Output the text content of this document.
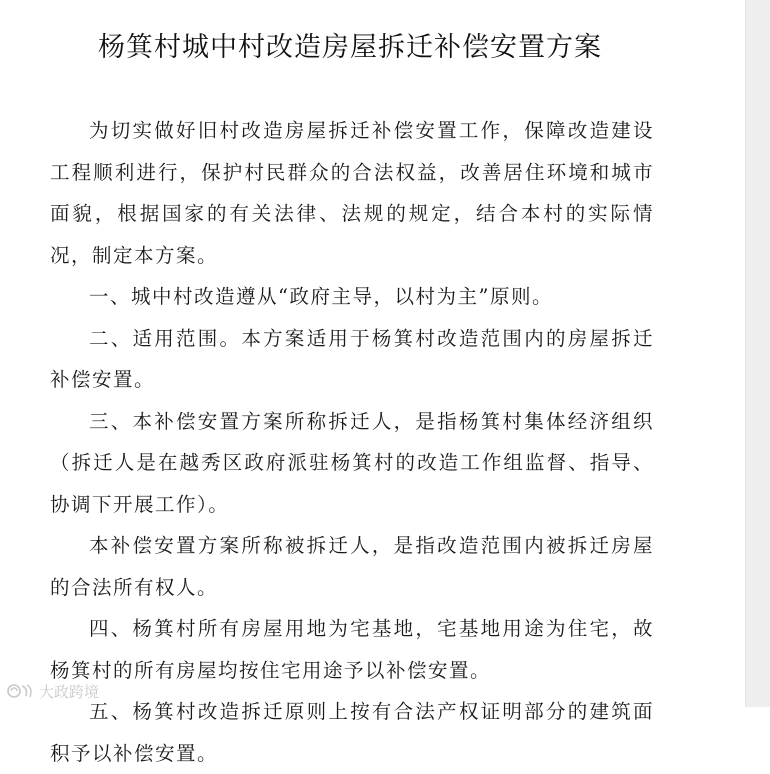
杨箕村城中村改造房屋拆迁补偿安置方案

为切实做好旧村改造房屋拆迁补偿安置工作，保障改造建设工程顺利进行，保护村民群众的合法权益，改善居住环境和城市面貌，根据国家的有关法律、法规的规定，结合本村的实际情况，制定本方案。

一、城中村改造遵从“政府主导，以村为主”原则。

二、适用范围。本方案适用于杨箕村改造范围内的房屋拆迁补偿安置。

三、本补偿安置方案所称拆迁人，是指杨箕村集体经济组织（拆迁人是在越秀区政府派驻杨箕村的改造工作组监督、指导、协调下开展工作）。

本补偿安置方案所称被拆迁人，是指改造范围内被拆迁房屋的合法所有权人。

四、杨箕村所有房屋用地为宅基地，宅基地用途为住宅，故杨箕村的所有房屋均按住宅用途予以补偿安置。

五、杨箕村改造拆迁原则上按有合法产权证明部分的建筑面积予以补偿安置。

大政跨境
